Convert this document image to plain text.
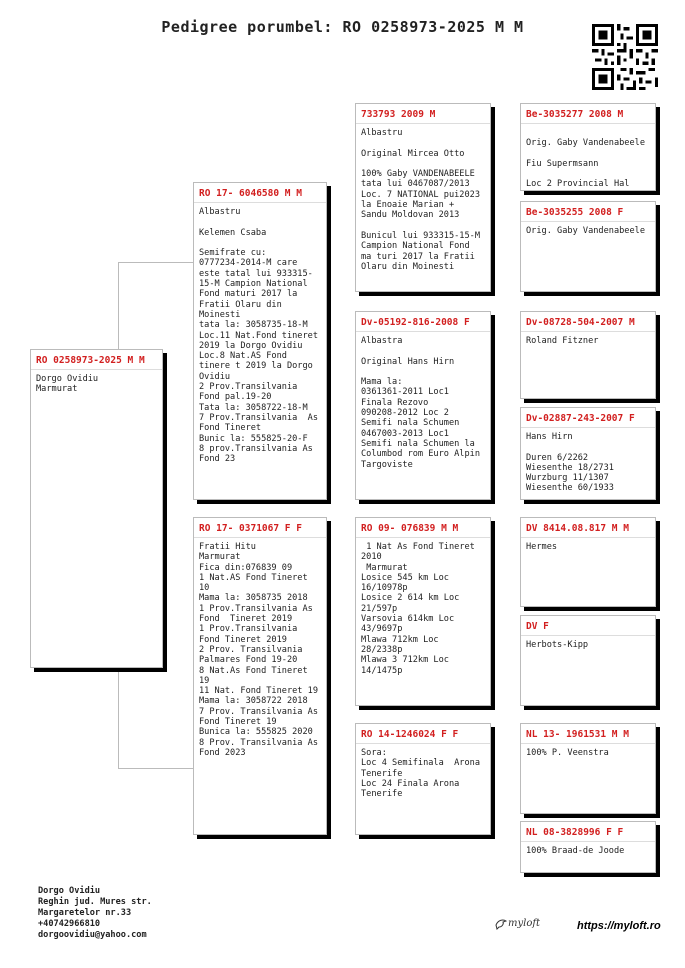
Pedigree porumbel: RO 0258973-2025 M M
RO 0258973-2025 M M
Dorgo Ovidiu
Marmurat
RO 17- 6046580 M M
Albastru

Kelemen Csaba

Semifrate cu:
0777234-2014-M care este tatal lui 933315-15-M Campion National Fond maturi 2017 la Fratii Olaru din Moinesti
tata la: 3058735-18-M Loc.11 Nat.Fond tineret 2019 la Dorgo Ovidiu
Loc.8 Nat.AS Fond tinere t 2019 la Dorgo Ovidiu
2 Prov.Transilvania Fond pal.19-20
Tata la: 3058722-18-M
7 Prov.Transilvania  As Fond Tineret
Bunic la: 555825-20-F
8 prov.Transilvania As Fond 23
RO 17- 0371067 F F
Fratii Hitu
Marmurat
Fica din:076839 09
1 Nat.AS Fond Tineret 10
Mama la: 3058735 2018
1 Prov.Transilvania As Fond  Tineret 2019
1 Prov.Transilvania Fond Tineret 2019
2 Prov. Transilvania Palmares Fond 19-20
8 Nat.As Fond Tineret 19
11 Nat. Fond Tineret 19
Mama la: 3058722 2018
7 Prov. Transilvania As Fond Tineret 19
Bunica la: 555825 2020
8 Prov. Transilvania As Fond 2023
733793 2009 M
Albastru

Original Mircea Otto

100% Gaby VANDENABEELE tata lui 0467087/2013
Loc. 7 NATIONAL pui2023 la Enoaie Marian + Sandu Moldovan 2013

Bunicul lui 933315-15-M Campion National Fond ma turi 2017 la Fratii Olaru din Moinesti
Dv-05192-816-2008 F
Albastra

Original Hans Hirn

Mama la:
0361361-2011 Loc1 Finala Rezovo
090208-2012 Loc 2 Semifi nala Schumen
0467003-2013 Loc1 Semifi nala Schumen la Columbod rom Euro Alpin Targoviste
RO 09- 076839 M M
1 Nat As Fond Tineret 2010
Marmurat
Losice 545 km Loc 16/10978p
Losice 2 614 km Loc 21/597p
Varsovia 614km Loc 43/9697p
Mlawa 712km Loc 28/2338p
Mlawa 3 712km Loc 14/1475p
RO 14-1246024 F F
Sora:
Loc 4 Semifinala  Arona Tenerife
Loc 24 Finala Arona Tenerife
Be-3035277 2008 M

Orig. Gaby Vandenabeele

Fiu Supermsann

Loc 2 Provincial Hal
Be-3035255 2008 F
Orig. Gaby Vandenabeele
Dv-08728-504-2007 M
Roland Fitzner
Dv-02887-243-2007 F
Hans Hirn

Duren 6/2262
Wiesenthe 18/2731
Wurzburg 11/1307
Wiesenthe 60/1933
DV 8414.08.817 M M
Hermes
DV F
Herbots-Kipp
NL 13- 1961531 M M
100% P. Veenstra
NL 08-3828996 F F
100% Braad-de Joode
Dorgo Ovidiu
Reghin jud. Mures str.
Margaretelor nr.33
+40742966810
dorgoovidiu@yahoo.com
myloft	https://myloft.ro
